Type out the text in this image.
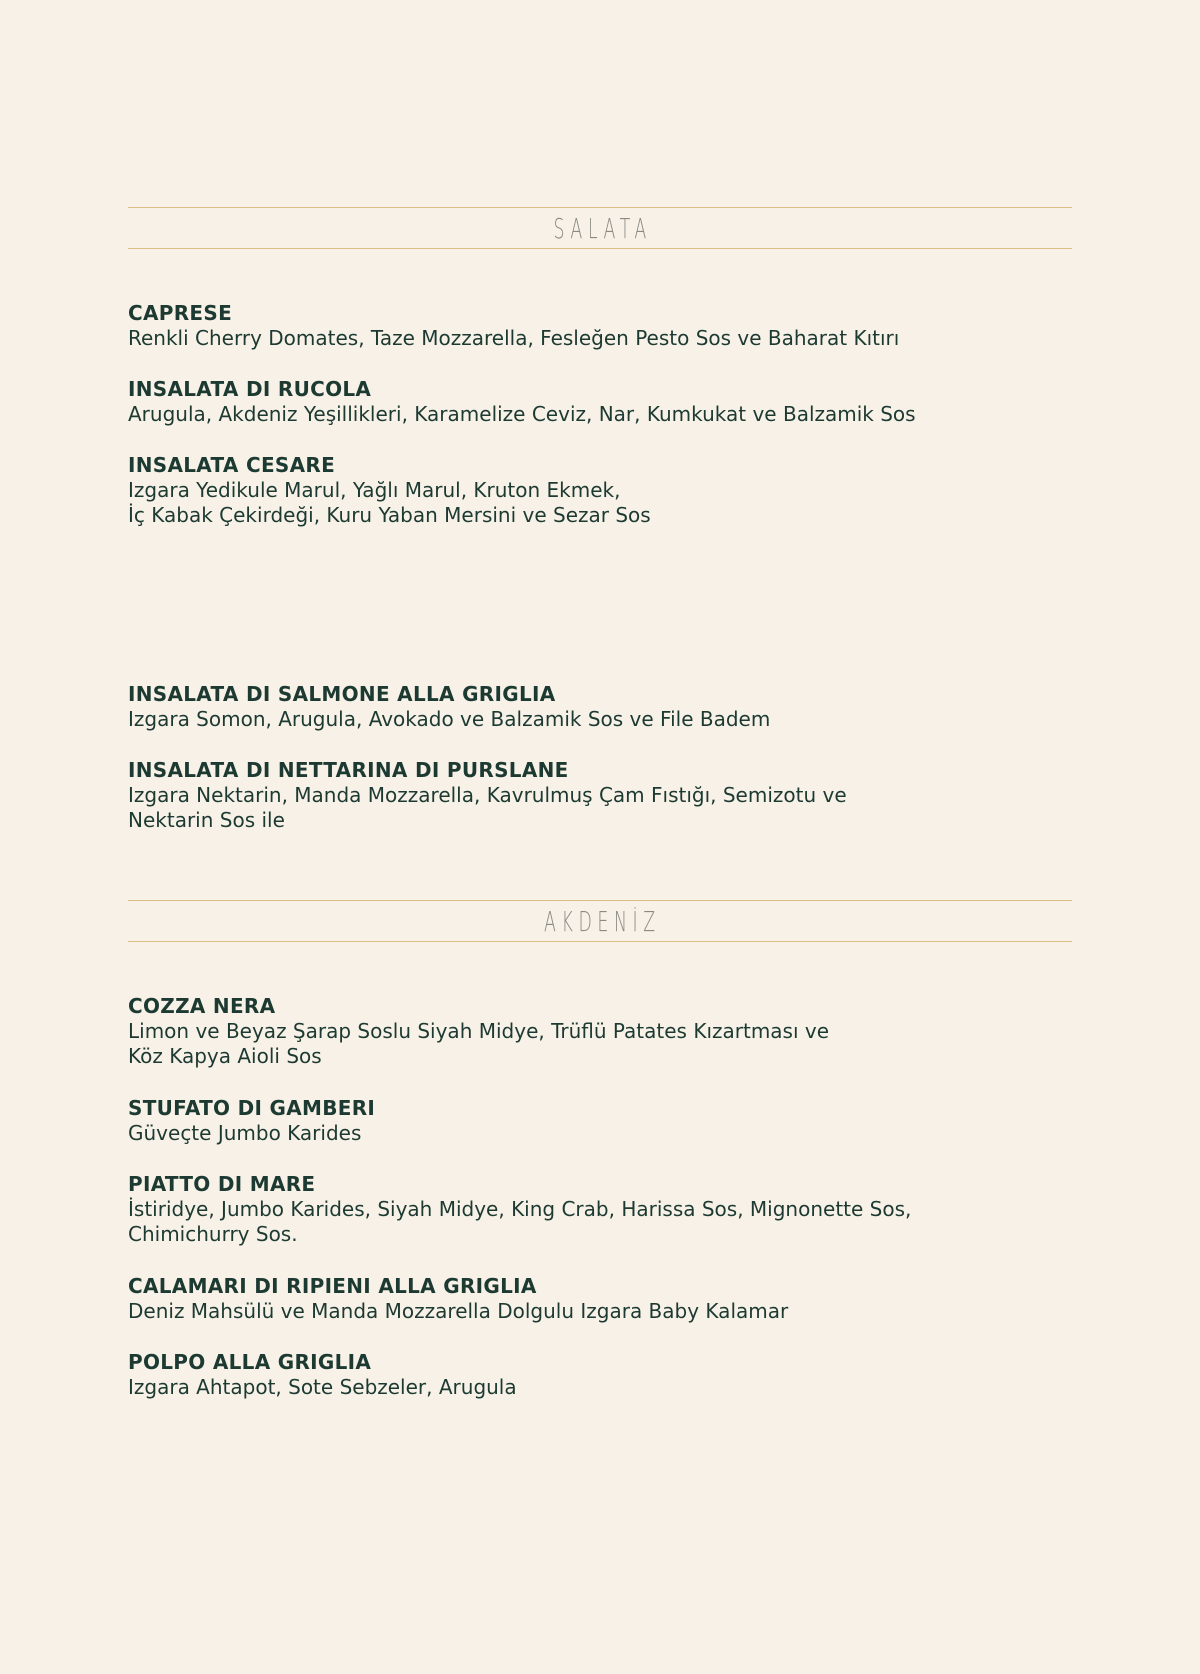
SALATA
CAPRESE
Renkli Cherry Domates, Taze Mozzarella, Fesleğen Pesto Sos ve Baharat Kıtırı
INSALATA DI RUCOLA
Arugula, Akdeniz Yeşillikleri, Karamelize Ceviz, Nar, Kumkukat ve Balzamik Sos
INSALATA CESARE
Izgara Yedikule Marul, Yağlı Marul, Kruton Ekmek,
İç Kabak Çekirdeği, Kuru Yaban Mersini ve Sezar Sos
INSALATA DI SALMONE ALLA GRIGLIA
Izgara Somon, Arugula, Avokado ve Balzamik Sos ve File Badem
INSALATA DI NETTARINA DI PURSLANE
Izgara Nektarin, Manda Mozzarella, Kavrulmuş Çam Fıstığı, Semizotu ve
Nektarin Sos ile
AKDENİZ
COZZA NERA
Limon ve Beyaz Şarap Soslu Siyah Midye, Trüflü Patates Kızartması ve
Köz Kapya Aioli Sos
STUFATO DI GAMBERI
Güveçte Jumbo Karides
PIATTO DI MARE
İstiridye, Jumbo Karides, Siyah Midye, King Crab, Harissa Sos, Mignonette Sos,
Chimichurry Sos.
CALAMARI DI RIPIENI ALLA GRIGLIA
Deniz Mahsülü ve Manda Mozzarella Dolgulu Izgara Baby Kalamar
POLPO ALLA GRIGLIA
Izgara Ahtapot, Sote Sebzeler, Arugula
